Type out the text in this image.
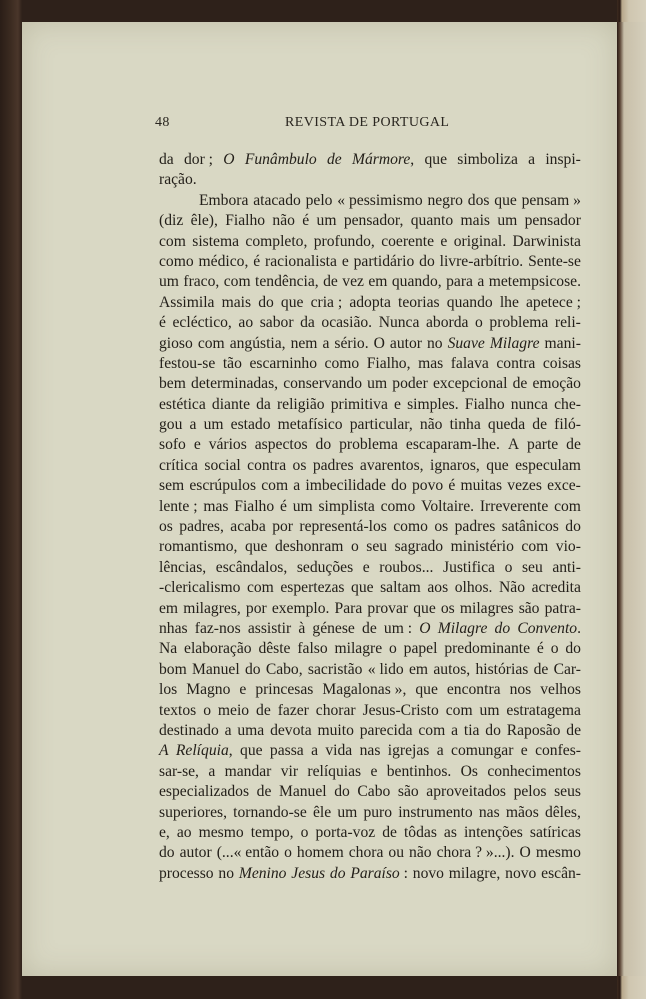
48	REVISTA DE PORTUGAL
da dor ; O Funâmbulo de Mármore, que simboliza a inspi-
ração.
Embora atacado pelo « pessimismo negro dos que pensam »
(diz êle), Fialho não é um pensador, quanto mais um pensador
com sistema completo, profundo, coerente e original. Darwinista
como médico, é racionalista e partidário do livre-arbítrio. Sente-se
um fraco, com tendência, de vez em quando, para a metempsicose.
Assimila mais do que cria ; adopta teorias quando lhe apetece ;
é ecléctico, ao sabor da ocasião. Nunca aborda o problema reli-
gioso com angústia, nem a sério. O autor no Suave Milagre mani-
festou-se tão escarninho como Fialho, mas falava contra coisas
bem determinadas, conservando um poder excepcional de emoção
estética diante da religião primitiva e simples. Fialho nunca che-
gou a um estado metafísico particular, não tinha queda de filó-
sofo e vários aspectos do problema escaparam-lhe. A parte de
crítica social contra os padres avarentos, ignaros, que especulam
sem escrúpulos com a imbecilidade do povo é muitas vezes exce-
lente ; mas Fialho é um simplista como Voltaire. Irreverente com
os padres, acaba por representá-los como os padres satânicos do
romantismo, que deshonram o seu sagrado ministério com vio-
lências, escândalos, seduções e roubos... Justifica o seu anti-
-clericalismo com espertezas que saltam aos olhos. Não acredita
em milagres, por exemplo. Para provar que os milagres são patra-
nhas faz-nos assistir à génese de um : O Milagre do Convento.
Na elaboração dêste falso milagre o papel predominante é o do
bom Manuel do Cabo, sacristão « lido em autos, histórias de Car-
los Magno e princesas Magalonas », que encontra nos velhos
textos o meio de fazer chorar Jesus-Cristo com um estratagema
destinado a uma devota muito parecida com a tia do Raposão de
A Relíquia, que passa a vida nas igrejas a comungar e confes-
sar-se, a mandar vir relíquias e bentinhos. Os conhecimentos
especializados de Manuel do Cabo são aproveitados pelos seus
superiores, tornando-se êle um puro instrumento nas mãos dêles,
e, ao mesmo tempo, o porta-voz de tôdas as intenções satíricas
do autor (...« então o homem chora ou não chora ? »...). O mesmo
processo no Menino Jesus do Paraíso : novo milagre, novo escân-
